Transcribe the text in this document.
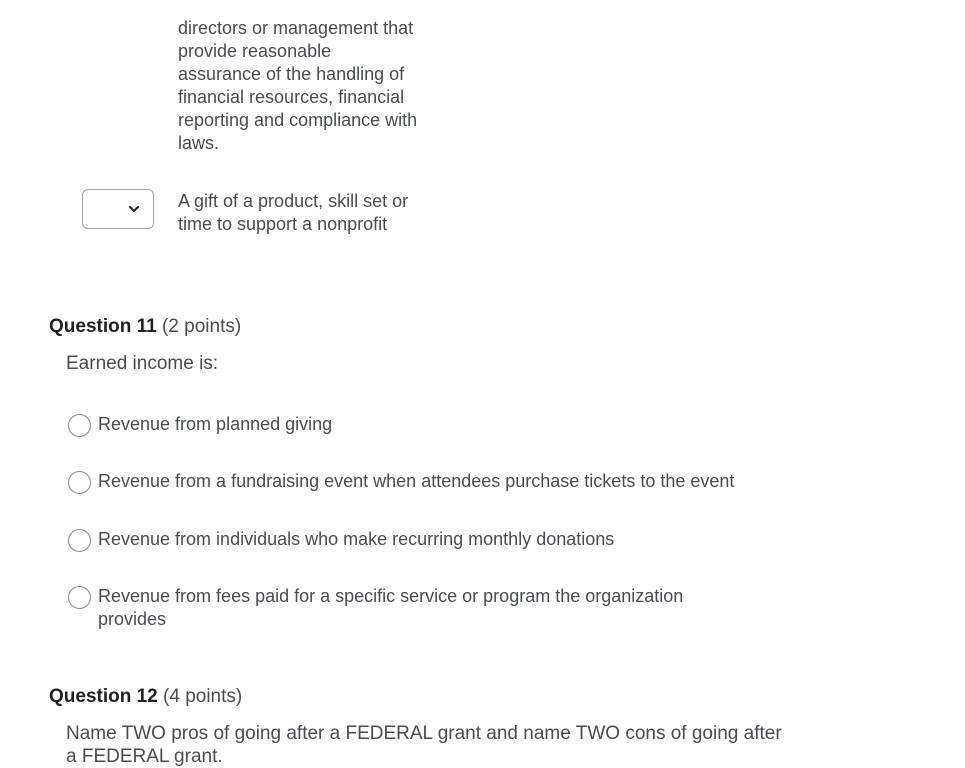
directors or management that provide reasonable assurance of the handling of financial resources, financial reporting and compliance with laws.
A gift of a product, skill set or time to support a nonprofit
Question 11 (2 points)
Earned income is:
Revenue from planned giving
Revenue from a fundraising event when attendees purchase tickets to the event
Revenue from individuals who make recurring monthly donations
Revenue from fees paid for a specific service or program the organization provides
Question 12 (4 points)
Name TWO pros of going after a FEDERAL grant and name TWO cons of going after a FEDERAL grant.
